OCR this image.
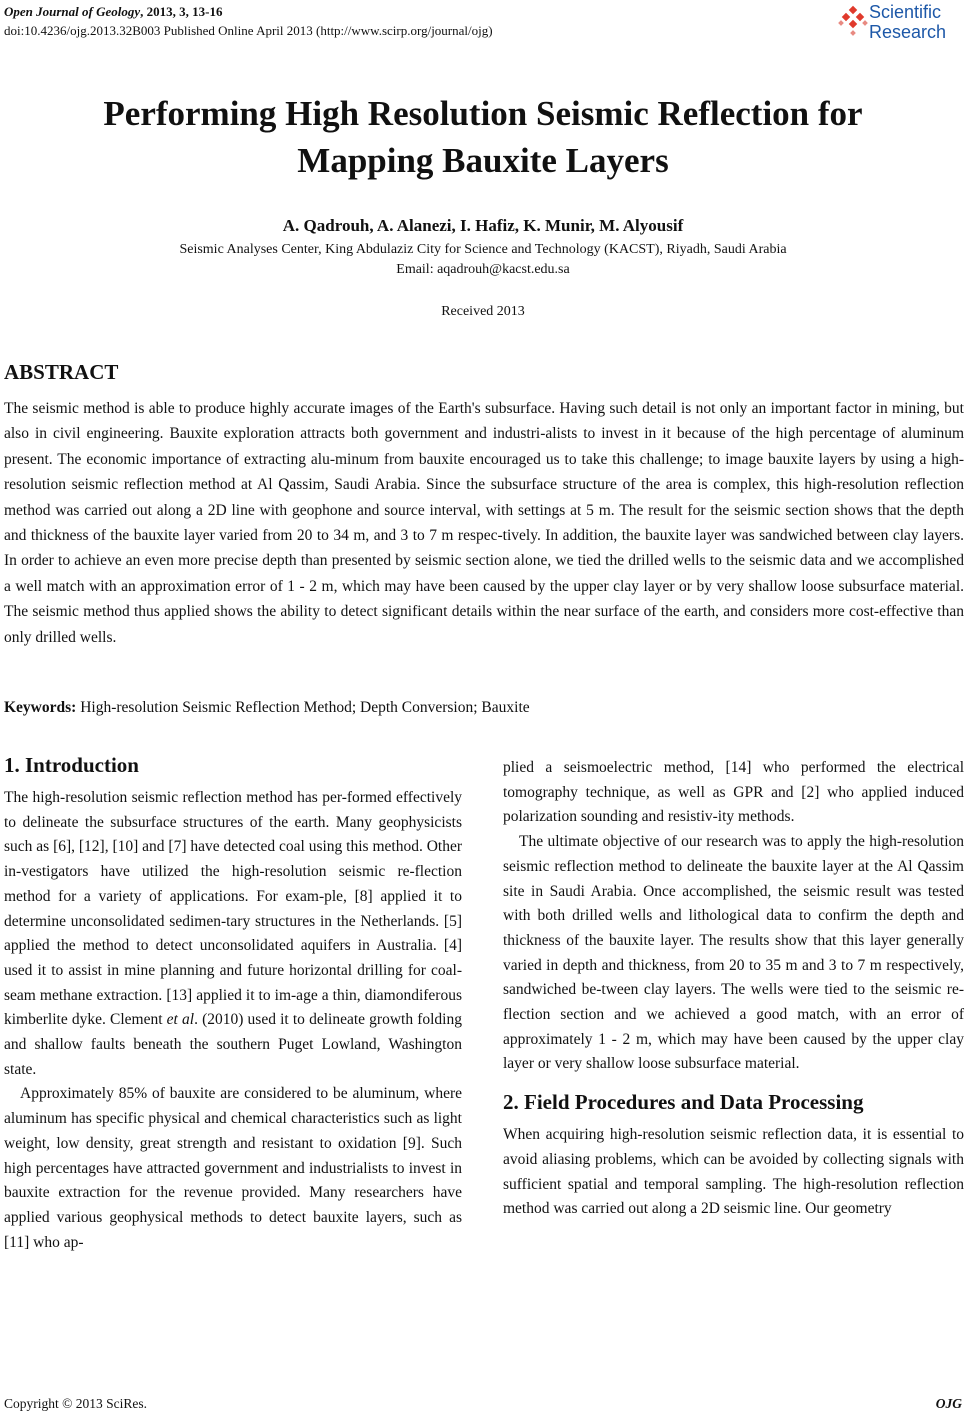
Open Journal of Geology, 2013, 3, 13-16
doi:10.4236/ojg.2013.32B003 Published Online April 2013 (http://www.scirp.org/journal/ojg)
Scientific
Research
Performing High Resolution Seismic Reflection for
Mapping Bauxite Layers
A. Qadrouh, A. Alanezi, I. Hafiz, K. Munir, M. Alyousif
Seismic Analyses Center, King Abdulaziz City for Science and Technology (KACST), Riyadh, Saudi Arabia
Email: aqadrouh@kacst.edu.sa
Received 2013
ABSTRACT

The seismic method is able to produce highly accurate images of the Earth's subsurface. Having such detail is not only an important factor in mining, but also in civil engineering. Bauxite exploration attracts both government and industri-alists to invest in it because of the high percentage of aluminum present. The economic importance of extracting alu-minum from bauxite encouraged us to take this challenge; to image bauxite layers by using a high-resolution seismic reflection method at Al Qassim, Saudi Arabia. Since the subsurface structure of the area is complex, this high-resolution reflection method was carried out along a 2D line with geophone and source interval, with settings at 5 m. The result for the seismic section shows that the depth and thickness of the bauxite layer varied from 20 to 34 m, and 3 to 7 m respec-tively. In addition, the bauxite layer was sandwiched between clay layers. In order to achieve an even more precise depth than presented by seismic section alone, we tied the drilled wells to the seismic data and we accomplished a well match with an approximation error of 1 - 2 m, which may have been caused by the upper clay layer or by very shallow loose subsurface material. The seismic method thus applied shows the ability to detect significant details within the near surface of the earth, and considers more cost-effective than only drilled wells.

Keywords: High-resolution Seismic Reflection Method; Depth Conversion; Bauxite

1. Introduction

The high-resolution seismic reflection method has per-formed effectively to delineate the subsurface structures of the earth. Many geophysicists such as [6], [12], [10] and [7] have detected coal using this method. Other in-vestigators have utilized the high-resolution seismic re-flection method for a variety of applications. For exam-ple, [8] applied it to determine unconsolidated sedimen-tary structures in the Netherlands. [5] applied the method to detect unconsolidated aquifers in Australia. [4] used it to assist in mine planning and future horizontal drilling for coal-seam methane extraction. [13] applied it to im-age a thin, diamondiferous kimberlite dyke. Clement et al. (2010) used it to delineate growth folding and shallow faults beneath the southern Puget Lowland, Washington state.

Approximately 85% of bauxite are considered to be aluminum, where aluminum has specific physical and chemical characteristics such as light weight, low density, great strength and resistant to oxidation [9]. Such high percentages have attracted government and industrialists to invest in bauxite extraction for the revenue provided. Many researchers have applied various geophysical methods to detect bauxite layers, such as [11] who ap-

plied a seismoelectric method, [14] who performed the electrical tomography technique, as well as GPR and [2] who applied induced polarization sounding and resistiv-ity methods.

The ultimate objective of our research was to apply the high-resolution seismic reflection method to delineate the bauxite layer at the Al Qassim site in Saudi Arabia. Once accomplished, the seismic result was tested with both drilled wells and lithological data to confirm the depth and thickness of the bauxite layer. The results show that this layer generally varied in depth and thickness, from 20 to 35 m and 3 to 7 m respectively, sandwiched be-tween clay layers. The wells were tied to the seismic re-flection section and we achieved a good match, with an error of approximately 1 - 2 m, which may have been caused by the upper clay layer or very shallow loose subsurface material.

2. Field Procedures and Data Processing

When acquiring high-resolution seismic reflection data, it is essential to avoid aliasing problems, which can be avoided by collecting signals with sufficient spatial and temporal sampling. The high-resolution reflection method was carried out along a 2D seismic line. Our geometry

Copyright © 2013 SciRes.	OJG
